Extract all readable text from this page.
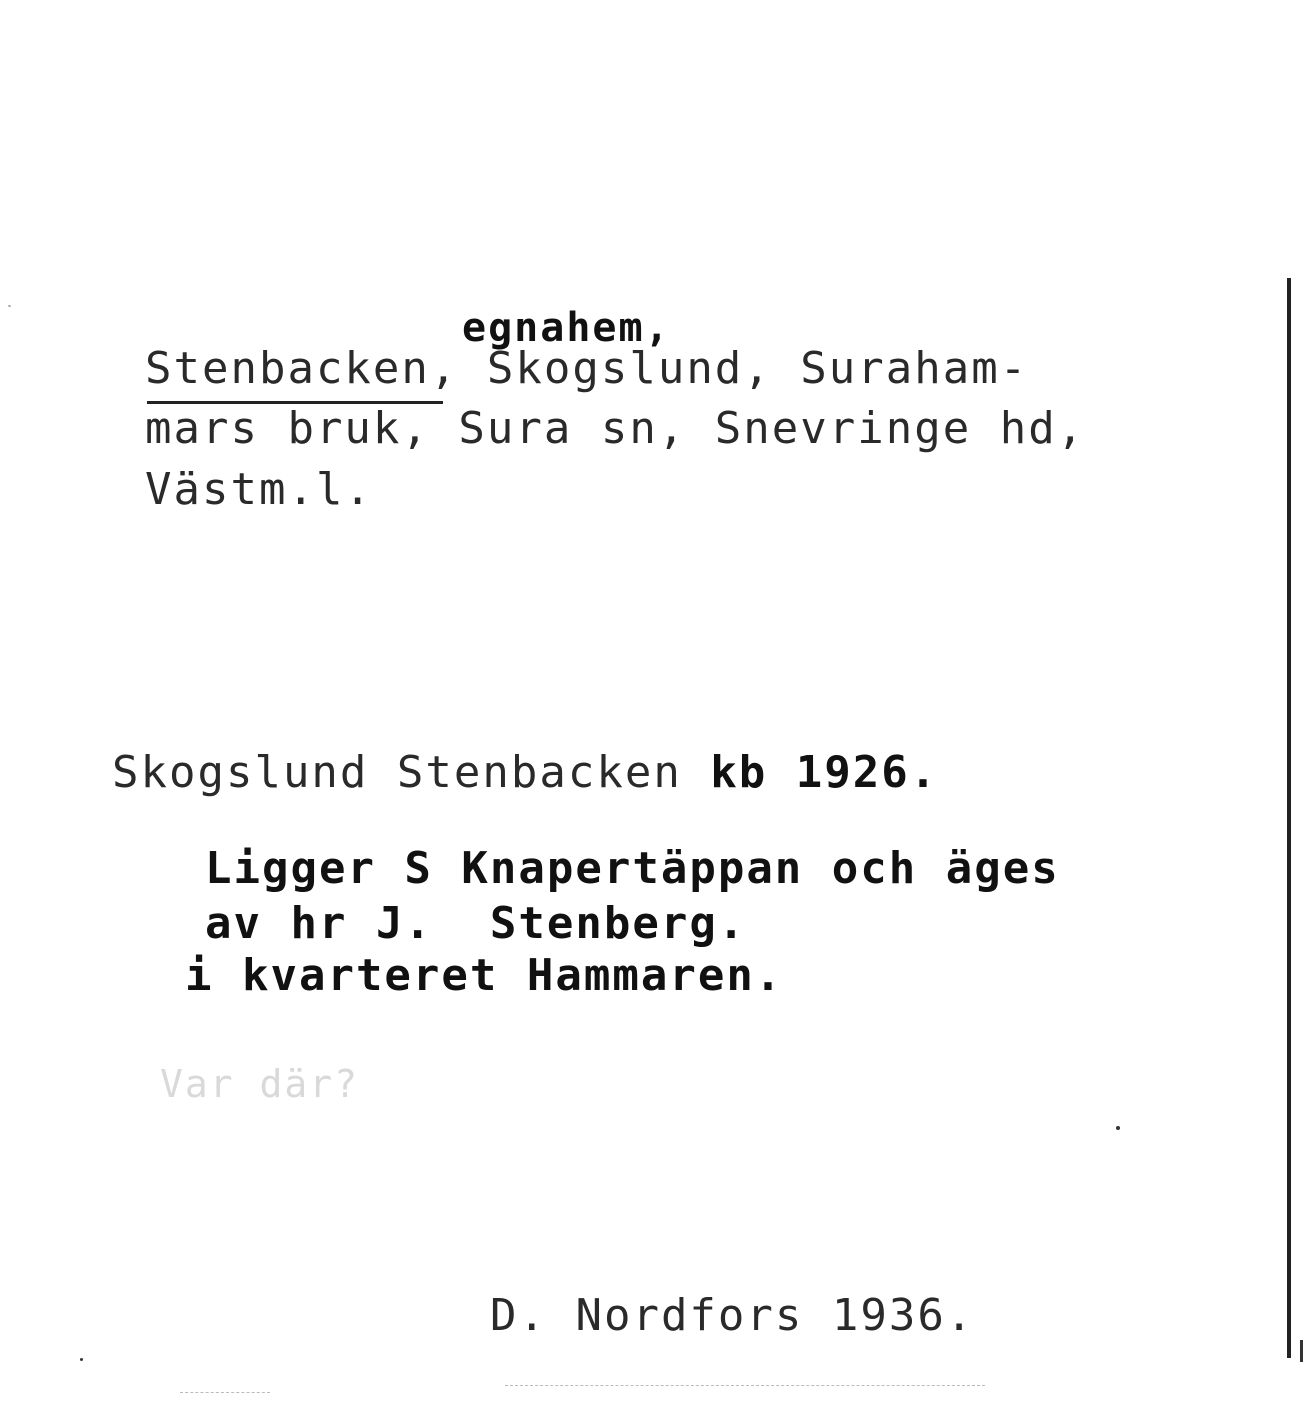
egnahem,
Stenbacken, Skogslund, Suraham-
mars bruk, Sura sn, Snevringe hd,
Västm.l.
Skogslund Stenbacken kb 1926.
Ligger S Knapertäppan och äges
av hr J.  Stenberg.
i kvarteret Hammaren.
Var där?
D. Nordfors 1936.
